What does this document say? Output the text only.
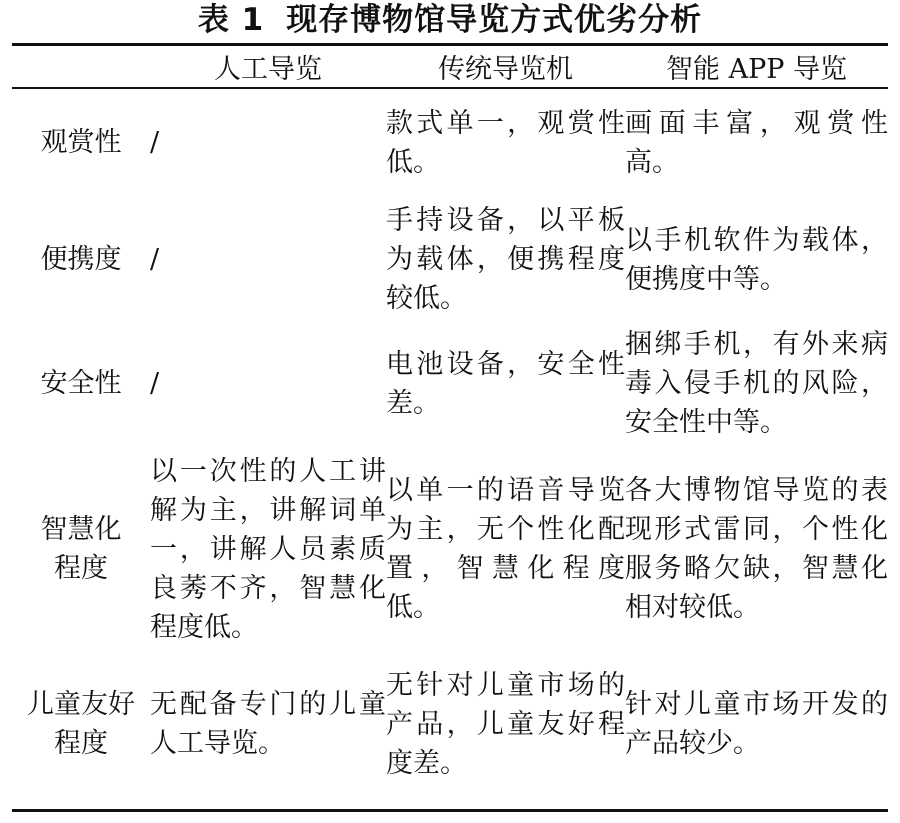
表 1 现存博物馆导览方式优劣分析
	人工导览	传统导览机	智能 APP 导览
观赏性	/	款式单一，观赏性低。	画面丰富，观赏性高。
便携度	/	手持设备，以平板为载体，便携程度较低。	以手机软件为载体，便携度中等。
安全性	/	电池设备，安全性差。	捆绑手机，有外来病毒入侵手机的风险，安全性中等。
智慧化程度	以一次性的人工讲解为主，讲解词单一，讲解人员素质良莠不齐，智慧化程度低。	以单一的语音导览为主，无个性化配置，智慧化程度低。	各大博物馆导览的表现形式雷同，个性化服务略欠缺，智慧化相对较低。
儿童友好程度	无配备专门的儿童人工导览。	无针对儿童市场的产品，儿童友好程度差。	针对儿童市场开发的产品较少。
